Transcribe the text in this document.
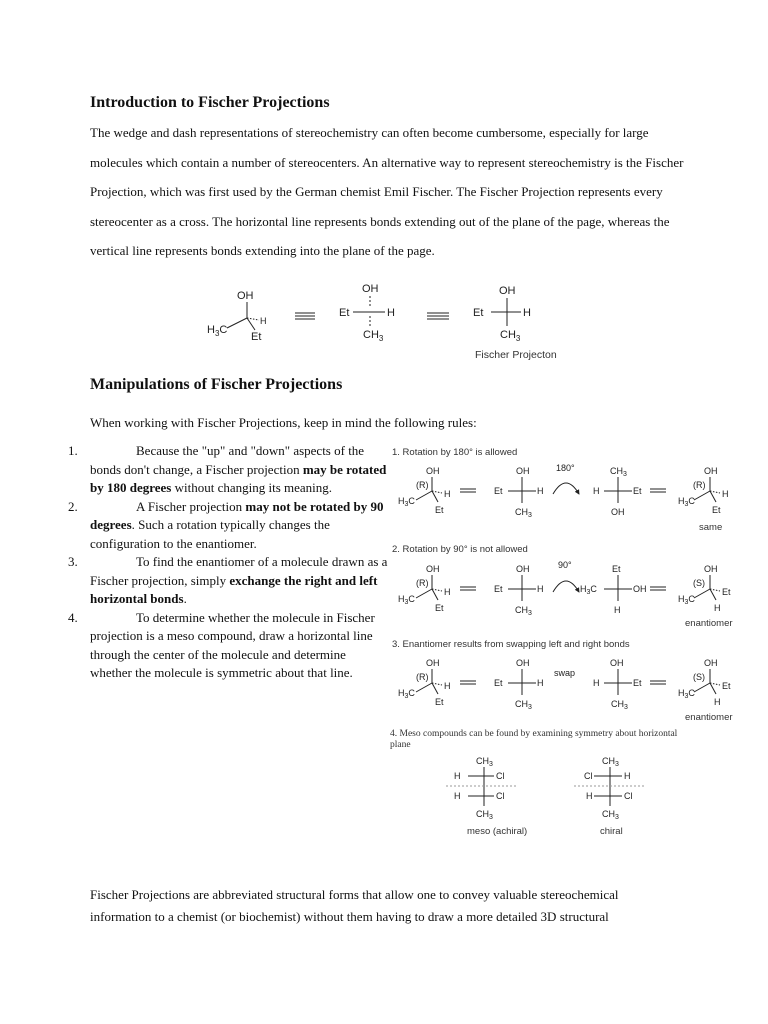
Introduction to Fischer Projections

The wedge and dash representations of stereochemistry can often become cumbersome, especially for large molecules which contain a number of stereocenters. An alternative way to represent stereochemistry is the Fischer Projection, which was first used by the German chemist Emil Fischer. The Fischer Projection represents every stereocenter as a cross. The horizontal line represents bonds extending out of the plane of the page, whereas the vertical line represents bonds extending into the plane of the page.

OH
$H_3C$
H
Et
OH
Et	H
$CH_3$
OH
Et	H
$CH_3$
Fischer Projecton
Manipulations of Fischer Projections
When working with Fischer Projections, keep in mind the following rules:
1.	Because the "up" and "down" aspects of the bonds don't change, a Fischer projection may be rotated by 180 degrees without changing its meaning.
2.	A Fischer projection may not be rotated by 90 degrees. Such a rotation typically changes the configuration to the enantiomer.
3.	To find the enantiomer of a molecule drawn as a Fischer projection, simply exchange the right and left horizontal bonds.
4.	To determine whether the molecule in Fischer projection is a meso compound, draw a horizontal line through the center of the molecule and determine whether the molecule is symmetric about that line.
1. Rotation by 180° is allowed
OH
(R)
$H_3C$
H
Et
OH
Et	H
$CH_3$
180°	$CH_3$
H	Et
OH
OH
(R)
$H_3C$
H
Et
same
2. Rotation by 90° is not allowed
OH
(R)
$H_3C$
H
Et
OH
Et	H
$CH_3$
90°	Et
$H_3C$	OH
H
OH
(S)
$H_3C$
Et
H
enantiomer
3. Enantiomer results from swapping left and right bonds
OH
(R)
$H_3C$
H
Et
OH
Et	H
$CH_3$
swap
OH
H	Et
$CH_3$
OH
(S)
$H_3C$
Et
H
enantiomer
4. Meso compounds can be found by examining symmetry about horizontal plane
$CH_3$
H	Cl
H	Cl
$CH_3$
meso (achiral)
$CH_3$
Cl	H
H	Cl
$CH_3$
chiral
Fischer Projections are abbreviated structural forms that allow one to convey valuable stereochemical information to a chemist (or biochemist) without them having to draw a more detailed 3D structural
